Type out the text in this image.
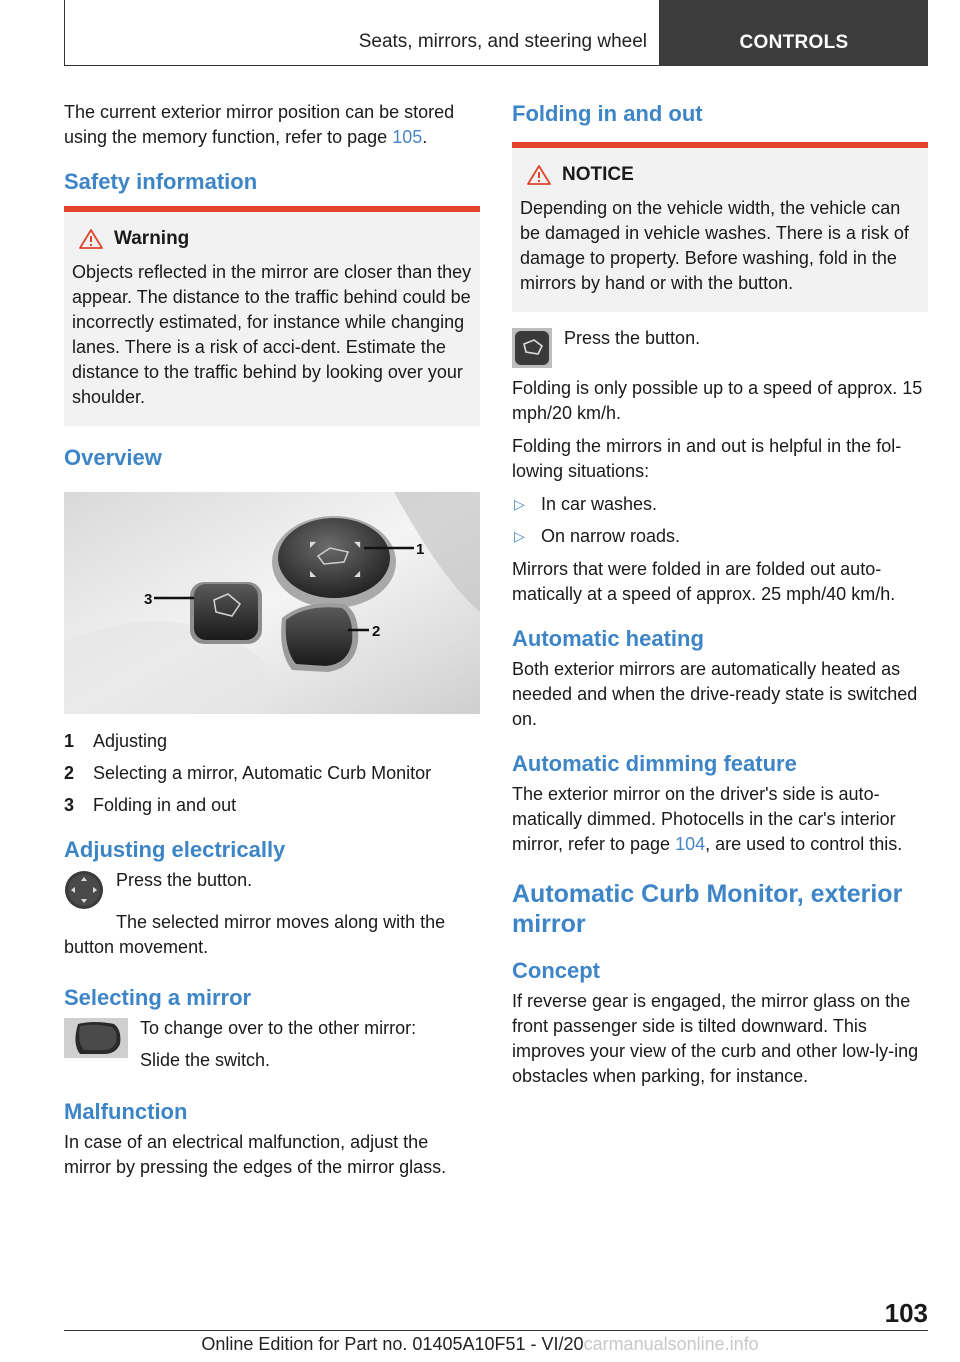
Seats, mirrors, and steering wheel	CONTROLS

The current exterior mirror position can be stored using the memory function, refer to page 105.

Safety information
Warning

Objects reflected in the mirror are closer than they appear. The distance to the traffic behind could be incorrectly estimated, for instance while changing lanes. There is a risk of acci-dent. Estimate the distance to the traffic behind by looking over your shoulder.

Overview
◤	◥
◣	◢
1
2
3
1	Adjusting
2	Selecting a mirror, Automatic Curb Monitor
3	Folding in and out
Adjusting electrically

Press the button.

The selected mirror moves along with the button movement.

Selecting a mirror

To change over to the other mirror:

Slide the switch.

Malfunction

In case of an electrical malfunction, adjust the mirror by pressing the edges of the mirror glass.

Folding in and out
NOTICE

Depending on the vehicle width, the vehicle can be damaged in vehicle washes. There is a risk of damage to property. Before washing, fold in the mirrors by hand or with the button.

Press the button.

Folding is only possible up to a speed of approx. 15 mph/20 km/h.

Folding the mirrors in and out is helpful in the fol-lowing situations:

▷ In car washes.
▷ On narrow roads.

Mirrors that were folded in are folded out auto-matically at a speed of approx. 25 mph/40 km/h.

Automatic heating

Both exterior mirrors are automatically heated as needed and when the drive-ready state is switched on.

Automatic dimming feature

The exterior mirror on the driver's side is auto-matically dimmed. Photocells in the car's interior mirror, refer to page 104, are used to control this.

Automatic Curb Monitor, exterior mirror
Concept

If reverse gear is engaged, the mirror glass on the front passenger side is tilted downward. This improves your view of the curb and other low-ly-ing obstacles when parking, for instance.

103
Online Edition for Part no. 01405A10F51 - VI/20carmanualsonline.info
